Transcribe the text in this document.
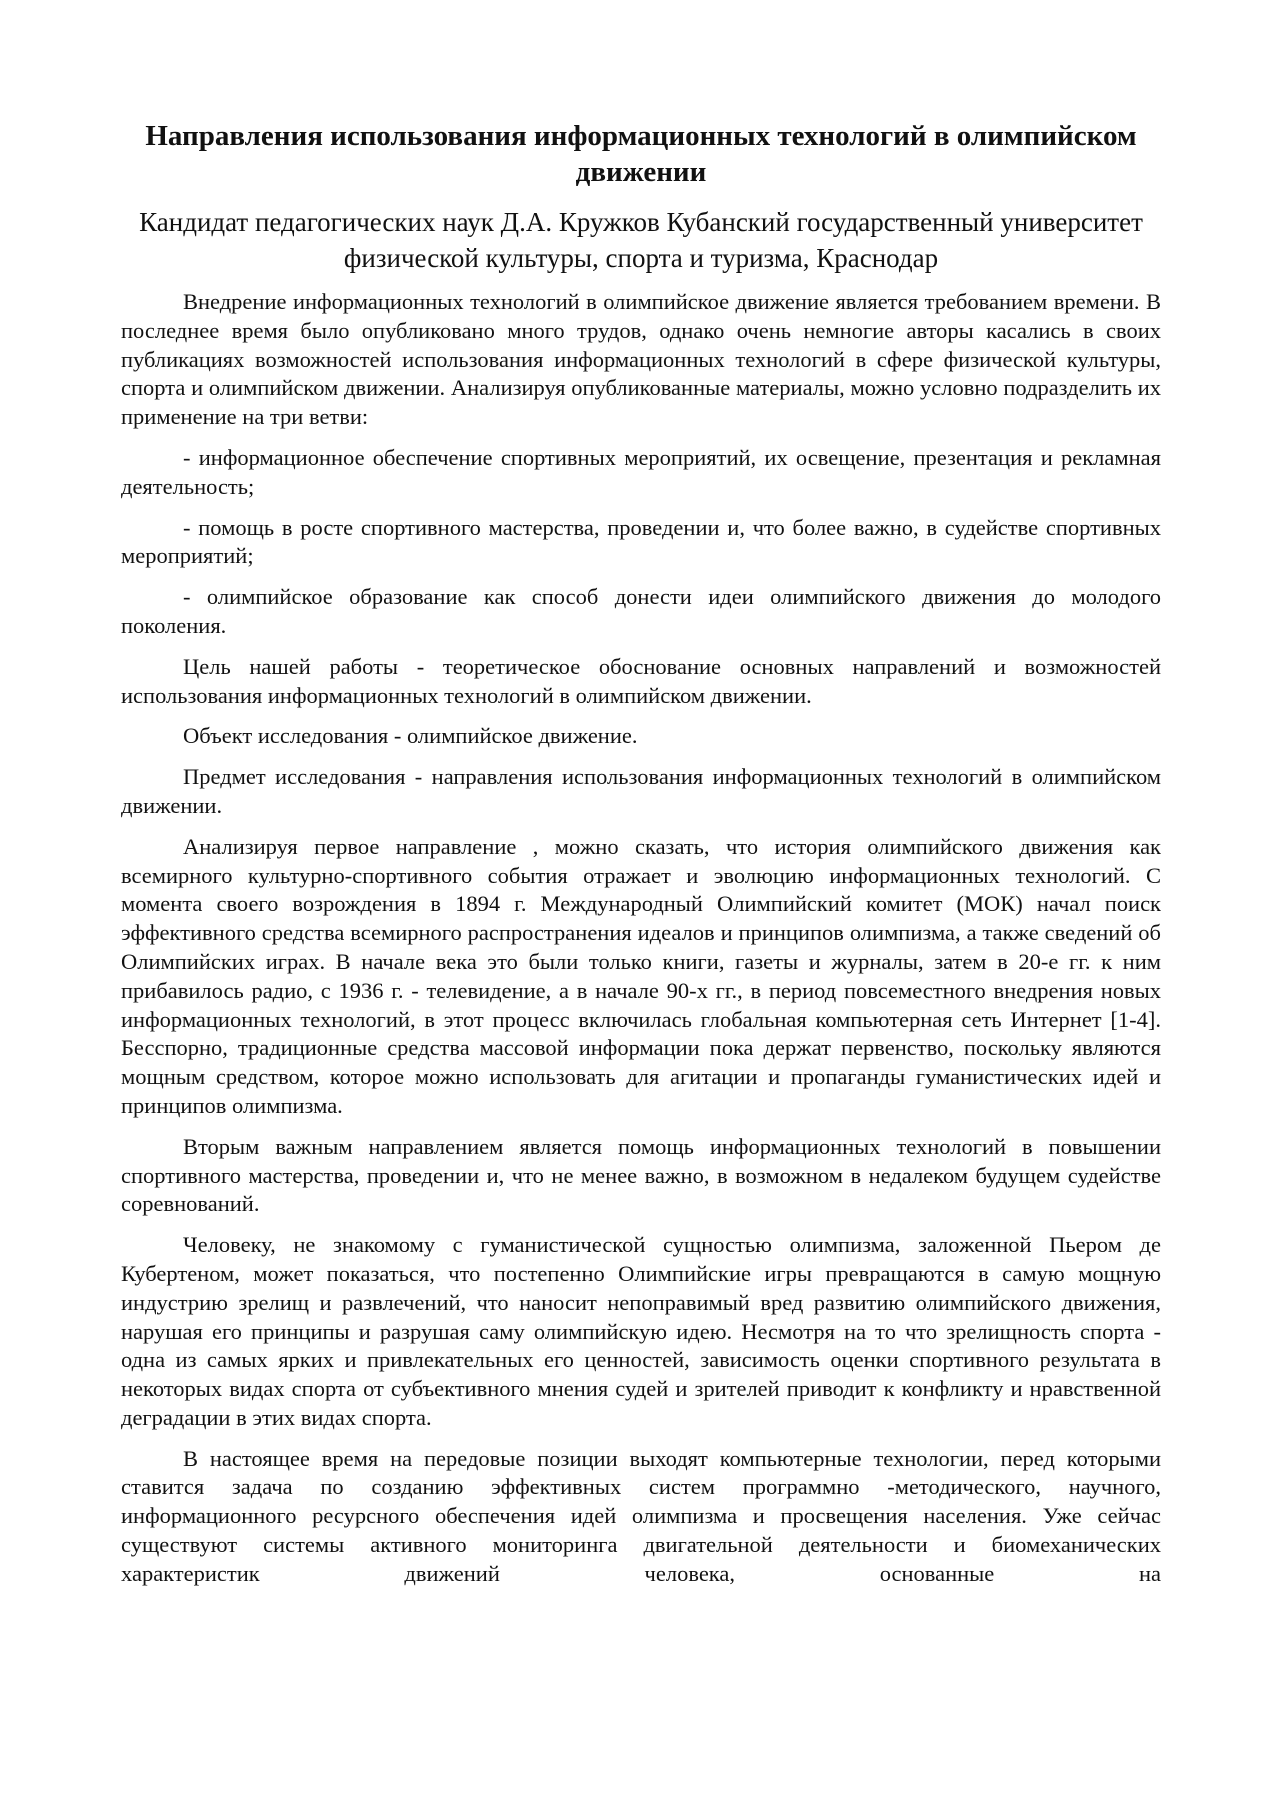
Направления использования информационных технологий в олимпийском движении
Кандидат педагогических наук Д.А. Кружков Кубанский государственный университет физической культуры, спорта и туризма, Краснодар

Внедрение информационных технологий в олимпийское движение является требованием времени. В последнее время было опубликовано много трудов, однако очень немногие авторы касались в своих публикациях возможностей использования информационных технологий в сфере физической культуры, спорта и олимпийском движении. Анализируя опубликованные материалы, можно условно подразделить их применение на три ветви:

- информационное обеспечение спортивных мероприятий, их освещение, презентация и рекламная деятельность;

- помощь в росте спортивного мастерства, проведении и, что более важно, в судействе спортивных мероприятий;

- олимпийское образование как способ донести идеи олимпийского движения до молодого поколения.

Цель нашей работы - теоретическое обоснование основных направлений и возможностей использования информационных технологий в олимпийском движении.

Объект исследования - олимпийское движение.

Предмет исследования - направления использования информационных технологий в олимпийском движении.

Анализируя первое направление , можно сказать, что история олимпийского движения как всемирного культурно-спортивного события отражает и эволюцию информационных технологий. С момента своего возрождения в 1894 г. Международный Олимпийский комитет (МОК) начал поиск эффективного средства всемирного распространения идеалов и принципов олимпизма, а также сведений об Олимпийских играх. В начале века это были только книги, газеты и журналы, затем в 20-е гг. к ним прибавилось радио, с 1936 г. - телевидение, а в начале 90-х гг., в период повсеместного внедрения новых информационных технологий, в этот процесс включилась глобальная компьютерная сеть Интернет [1-4]. Бесспорно, традиционные средства массовой информации пока держат первенство, поскольку являются мощным средством, которое можно использовать для агитации и пропаганды гуманистических идей и принципов олимпизма.

Вторым важным направлением является помощь информационных технологий в повышении спортивного мастерства, проведении и, что не менее важно, в возможном в недалеком будущем судействе соревнований.

Человеку, не знакомому с гуманистической сущностью олимпизма, заложенной Пьером де Кубертеном, может показаться, что постепенно Олимпийские игры превращаются в самую мощную индустрию зрелищ и развлечений, что наносит непоправимый вред развитию олимпийского движения, нарушая его принципы и разрушая саму олимпийскую идею. Несмотря на то что зрелищность спорта - одна из самых ярких и привлекательных его ценностей, зависимость оценки спортивного результата в некоторых видах спорта от субъективного мнения судей и зрителей приводит к конфликту и нравственной деградации в этих видах спорта.

В настоящее время на передовые позиции выходят компьютерные технологии, перед которыми ставится задача по созданию эффективных систем программно -методического, научного, информационного ресурсного обеспечения идей олимпизма и просвещения населения. Уже сейчас существуют системы активного мониторинга двигательной деятельности и биомеханических характеристик движений человека, основанные на
